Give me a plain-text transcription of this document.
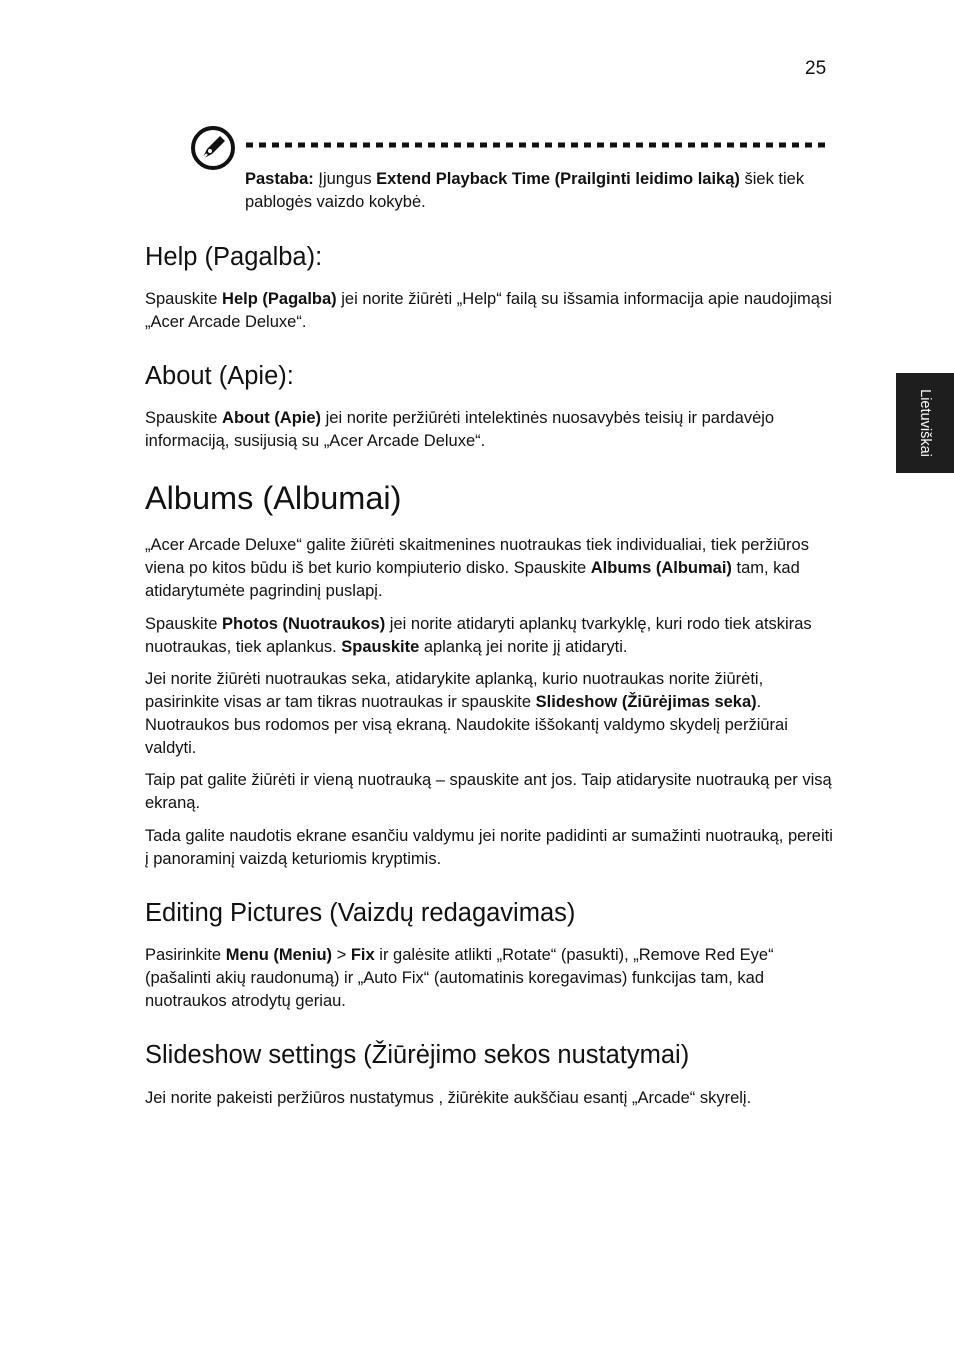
25

Pastaba: Įjungus Extend Playback Time (Prailginti leidimo laiką) šiek tiek pablogės vaizdo kokybė.

Lietuviškai
Help (Pagalba):

Spauskite Help (Pagalba) jei norite žiūrėti „Help“ failą su išsamia informacija apie naudojimąsi „Acer Arcade Deluxe“.

About (Apie):

Spauskite About (Apie) jei norite peržiūrėti intelektinės nuosavybės teisių ir pardavėjo informaciją, susijusią su „Acer Arcade Deluxe“.

Albums (Albumai)

„Acer Arcade Deluxe“ galite žiūrėti skaitmenines nuotraukas tiek individualiai, tiek peržiūros viena po kitos būdu iš bet kurio kompiuterio disko. Spauskite Albums (Albumai) tam, kad atidarytumėte pagrindinį puslapį.

Spauskite Photos (Nuotraukos) jei norite atidaryti aplankų tvarkyklę, kuri rodo tiek atskiras nuotraukas, tiek aplankus. Spauskite aplanką jei norite jį atidaryti.

Jei norite žiūrėti nuotraukas seka, atidarykite aplanką, kurio nuotraukas norite žiūrėti, pasirinkite visas ar tam tikras nuotraukas ir spauskite Slideshow (Žiūrėjimas seka). Nuotraukos bus rodomos per visą ekraną. Naudokite iššokantį valdymo skydelį peržiūrai valdyti.

Taip pat galite žiūrėti ir vieną nuotrauką – spauskite ant jos. Taip atidarysite nuotrauką per visą ekraną.

Tada galite naudotis ekrane esančiu valdymu jei norite padidinti ar sumažinti nuotrauką, pereiti į panoraminį vaizdą keturiomis kryptimis.

Editing Pictures (Vaizdų redagavimas)

Pasirinkite Menu (Meniu) > Fix ir galėsite atlikti „Rotate“ (pasukti), „Remove Red Eye“ (pašalinti akių raudonumą) ir „Auto Fix“ (automatinis koregavimas) funkcijas tam, kad nuotraukos atrodytų geriau.

Slideshow settings (Žiūrėjimo sekos nustatymai)

Jei norite pakeisti peržiūros nustatymus , žiūrėkite aukščiau esantį „Arcade“ skyrelį.
